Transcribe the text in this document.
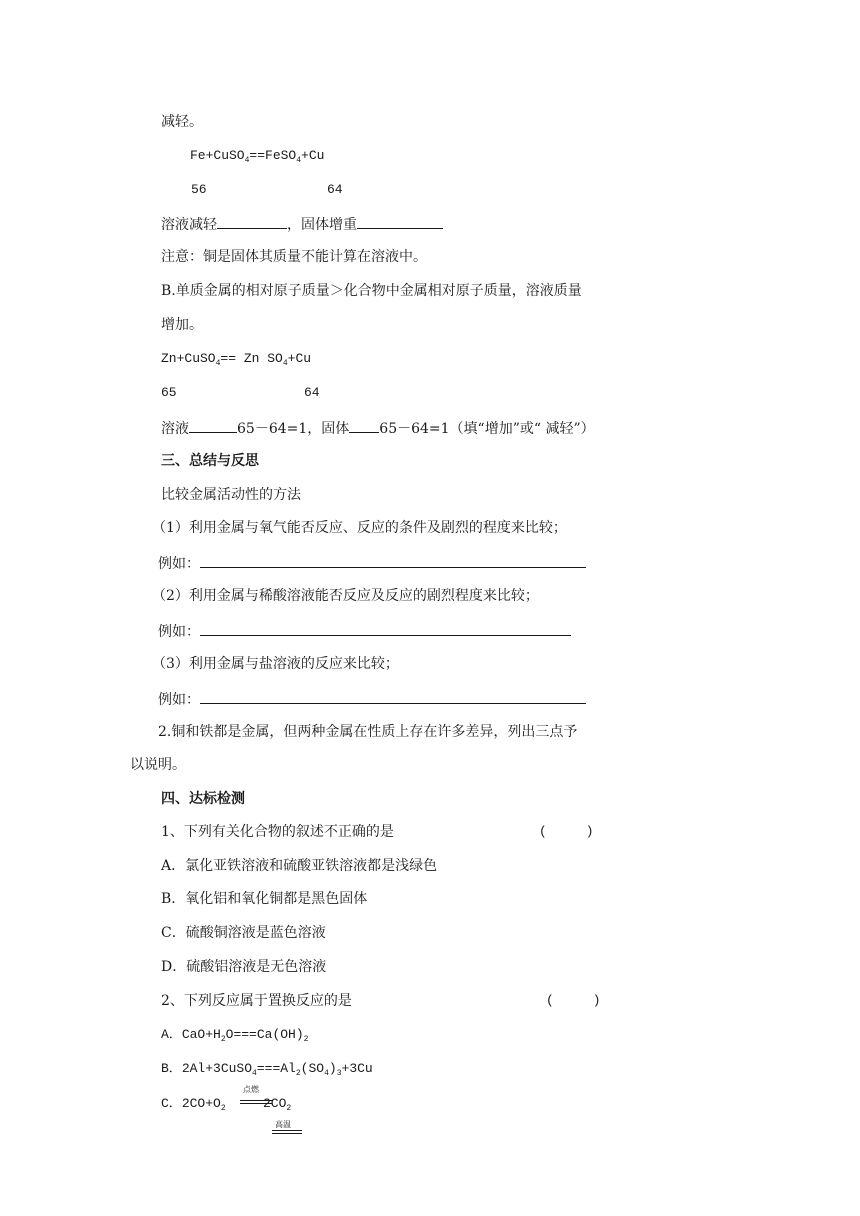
减轻。
Fe+CuSO$_4$==FeSO$_4$+Cu
56	64
溶液减轻	，固体增重
注意：铜是固体其质量不能计算在溶液中。
B.单质金属的相对原子质量＞化合物中金属相对原子质量，溶液质量
增加。
Zn+CuSO$_4$== Zn $SO_4+Cu$
65	64
溶液	65－64=1，固体 65－64=1（填“增加”或“ 减轻”）
三、总结与反思
比较金属活动性的方法
（1）利用金属与氧气能否反应、反应的条件及剧烈的程度来比较；
例如：
（2）利用金属与稀酸溶液能否反应及反应的剧烈程度来比较；
例如：
（3）利用金属与盐溶液的反应来比较；
例如：
2.铜和铁都是金属，但两种金属在性质上存在许多差异，列出三点予
以说明。
四、达标检测
1、下列有关化合物的叙述不正确的是	(　　　)
A．氯化亚铁溶液和硫酸亚铁溶液都是浅绿色
B．氧化铝和氧化铜都是黑色固体
C．硫酸铜溶液是蓝色溶液
D．硫酸铝溶液是无色溶液
2、下列反应属于置换反应的是	(　　　)
A．$CaO+H_2O===Ca(OH)_2$
B．$2Al+3CuSO_4===Al_2(SO_4)_3+3Cu$
C．$2CO+O_2$	$2CO_2$
点燃
高温
